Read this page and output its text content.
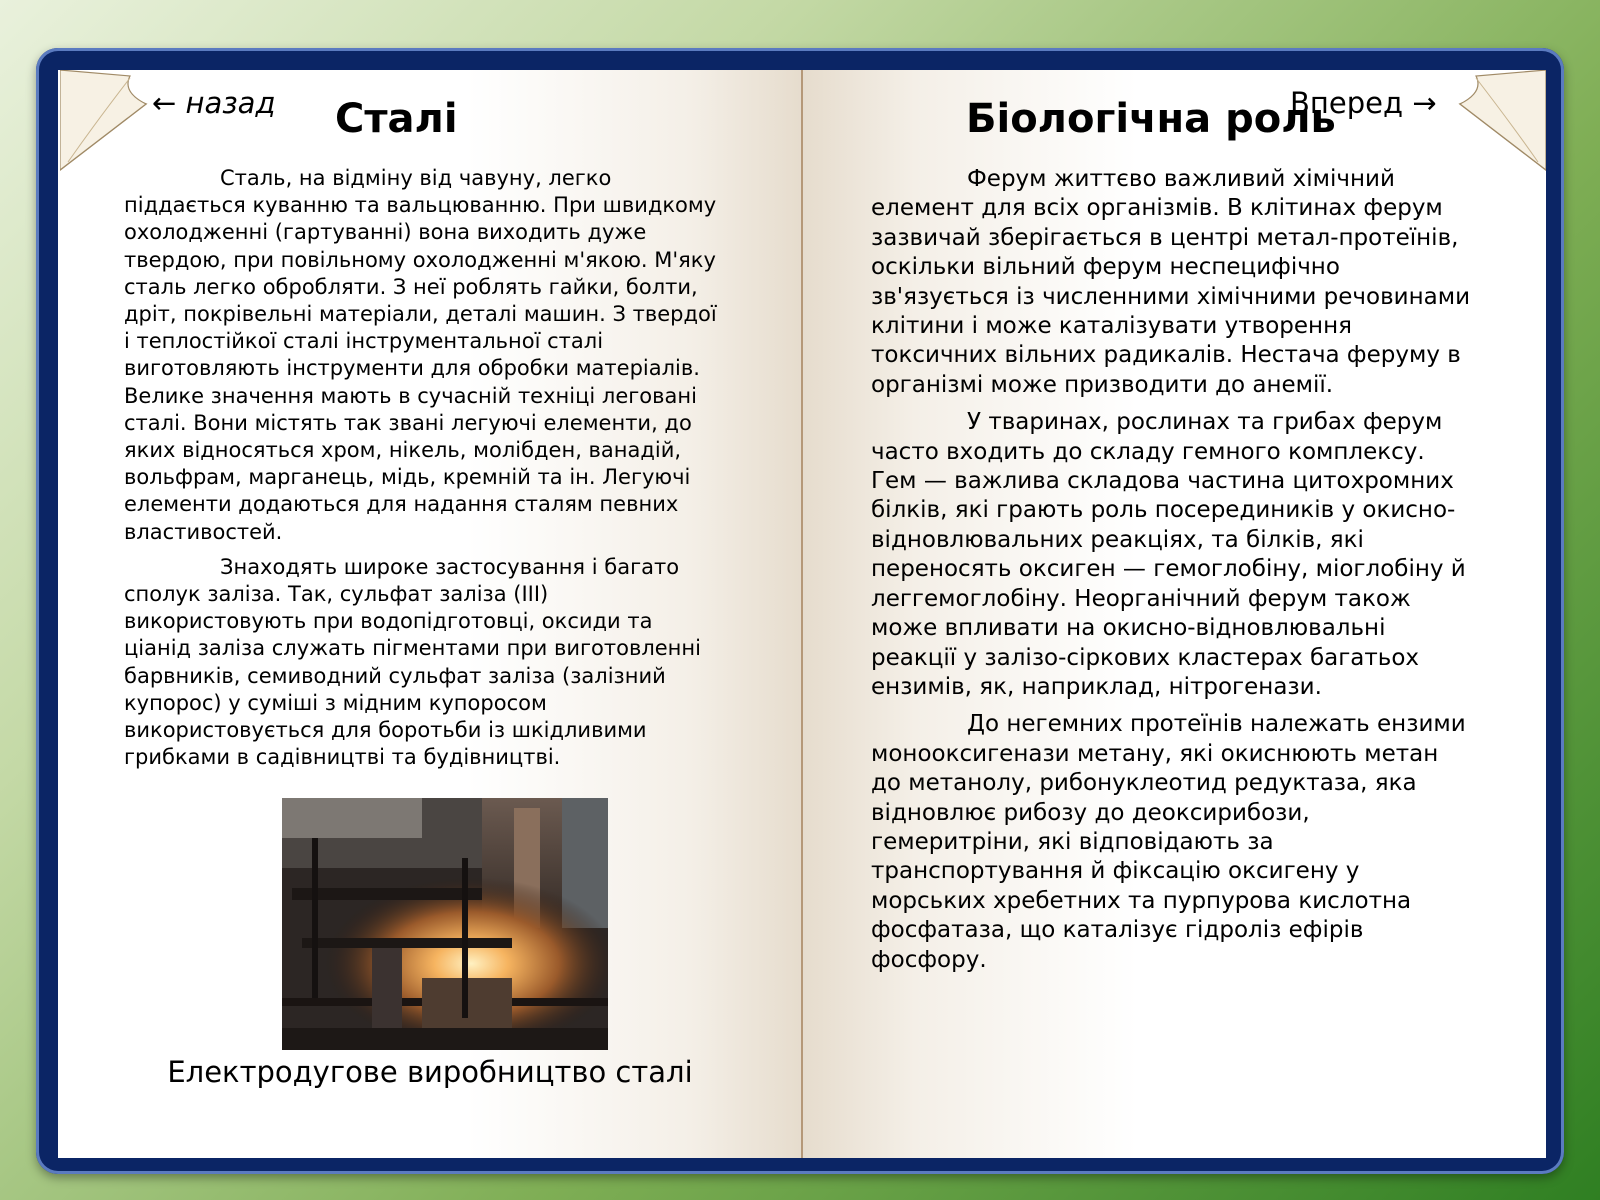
← назад	Вперед →
Сталі	Біологічна роль

Сталь, на відміну від чавуну, легко піддається куванню та вальцюванню. При швидкому охолодженні (гартуванні) вона виходить дуже твердою, при повільному охолодженні м'якою. М'яку сталь легко обробляти. З неї роблять гайки, болти, дріт, покрівельні матеріали, деталі машин. З твердої і теплостійкої сталі інструментальної сталі виготовляють інструменти для обробки матеріалів. Велике значення мають в сучасній техніці леговані сталі. Вони містять так звані легуючі елементи, до яких відносяться хром, нікель, молібден, ванадій, вольфрам, марганець, мідь, кремній та ін. Легуючі елементи додаються для надання сталям певних властивостей.

Знаходять широке застосування і багато сполук заліза. Так, сульфат заліза (III) використовують при водопідготовці, оксиди та ціанід заліза служать пігментами при виготовленні барвників, семиводний сульфат заліза (залізний купорос) у суміші з мідним купоросом використовується для боротьби із шкідливими грибками в садівництві та будівництві.

Електродугове виробництво сталі

Ферум життєво важливий хімічний елемент для всіх організмів. В клітинах ферум зазвичай зберігається в центрі метал-протеїнів, оскільки вільний ферум неспецифічно зв'язується із численними хімічними речовинами клітини і може каталізувати утворення токсичних вільних радикалів. Нестача феруму в організмі може призводити до анемії.

У тваринах, рослинах та грибах ферум часто входить до складу гемного комплексу. Гем — важлива складова частина цитохромних білків, які грають роль посередиників у окисно-відновлювальних реакціях, та білків, які переносять оксиген — гемоглобіну, міоглобіну й леггемоглобіну. Неорганічний ферум також може впливати на окисно-відновлювальні реакції у залізо-сіркових кластерах багатьох ензимів, як, наприклад, нітрогенази.

До негемних протеїнів належать ензими монооксигенази метану, які окиснюють метан до метанолу, рибонуклеотид редуктаза, яка відновлює рибозу до деоксирибози, гемеритріни, які відповідають за транспортування й фіксацію оксигену у морських хребетних та пурпурова кислотна фосфатаза, що каталізує гідроліз ефірів фосфору.
